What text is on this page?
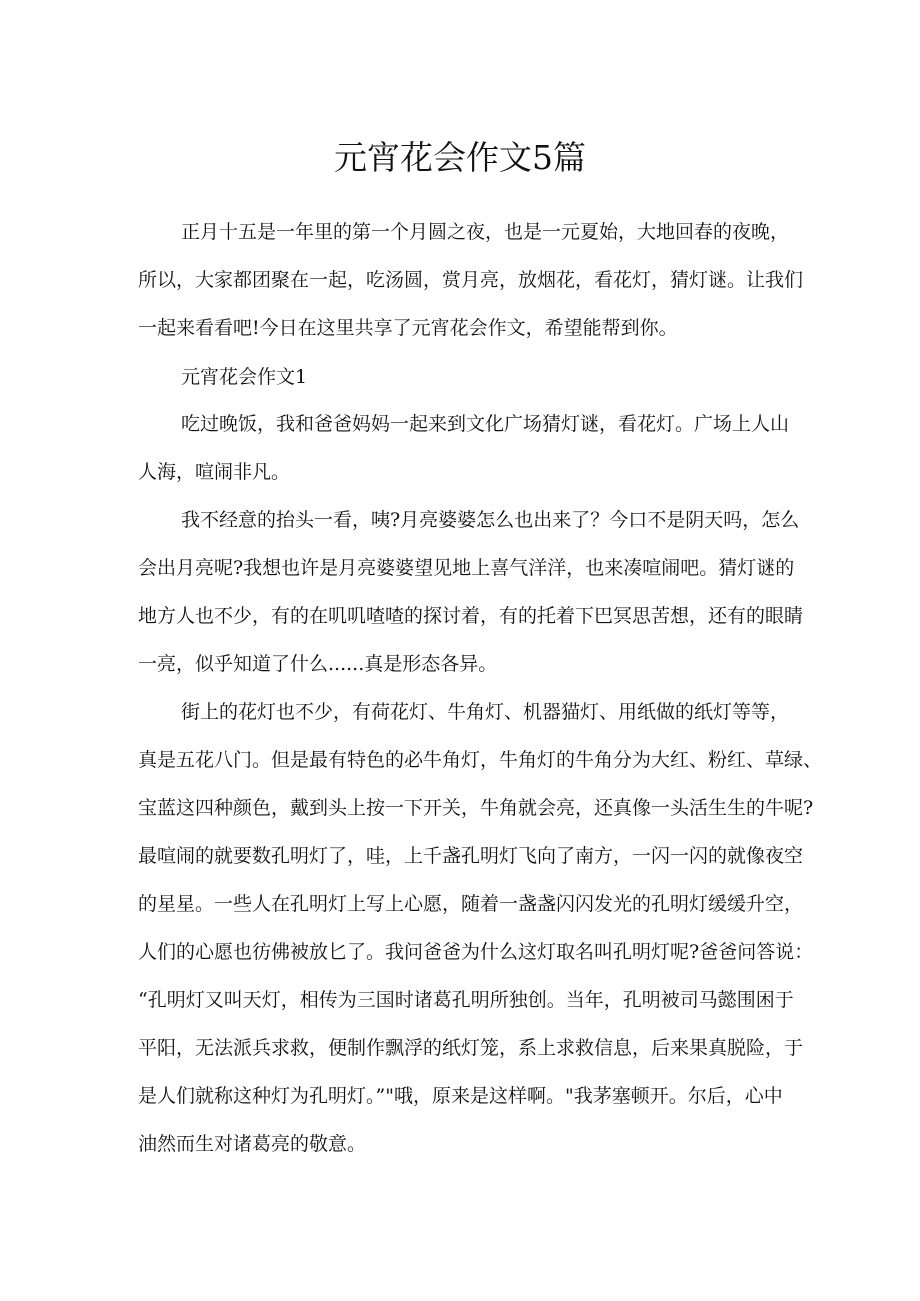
元宵花会作文5篇

正月十五是一年里的第一个月圆之夜，也是一元夏始，大地回春的夜晚，

所以，大家都团聚在一起，吃汤圆，赏月亮，放烟花，看花灯，猜灯谜。让我们

一起来看看吧!今日在这里共享了元宵花会作文，希望能帮到你。

元宵花会作文1

吃过晚饭，我和爸爸妈妈一起来到文化广场猜灯谜，看花灯。广场上人山

人海，喧闹非凡。

我不经意的抬头一看，咦?月亮婆婆怎么也出来了？今口不是阴天吗，怎么

会出月亮呢?我想也许是月亮婆婆望见地上喜气洋洋，也来凑喧闹吧。猜灯谜的

地方人也不少，有的在叽叽喳喳的探讨着，有的托着下巴冥思苦想，还有的眼睛

一亮，似乎知道了什么......真是形态各异。

街上的花灯也不少，有荷花灯、牛角灯、机器猫灯、用纸做的纸灯等等，

真是五花八门。但是最有特色的必牛角灯，牛角灯的牛角分为大红、粉红、草绿、

宝蓝这四种颜色，戴到头上按一下开关，牛角就会亮，还真像一头活生生的牛呢?

最喧闹的就要数孔明灯了，哇，上千盏孔明灯飞向了南方，一闪一闪的就像夜空

的星星。一些人在孔明灯上写上心愿，随着一盏盏闪闪发光的孔明灯缓缓升空，

人们的心愿也彷佛被放匕了。我问爸爸为什么这灯取名叫孔明灯呢?爸爸问答说：

“孔明灯又叫天灯，相传为三国时诸葛孔明所独创。当年，孔明被司马懿围困于

平阳，无法派兵求救，便制作飘浮的纸灯笼，系上求救信息，后来果真脱险，于

是人们就称这种灯为孔明灯。”"哦，原来是这样啊。"我茅塞顿开。尔后，心中

油然而生对诸葛亮的敬意。
